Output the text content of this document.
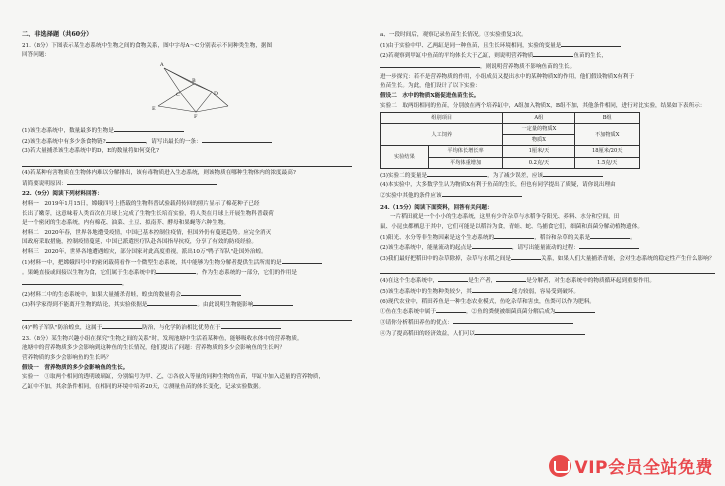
二、非选择题（共60分）
21.（8分）下图表示某生态系统中生物之间的食物关系，图中字母A～C分别表示不同种类生物，据图
回答问题：
A
B
C	D
E
F
(1)该生态系统中，数量最多的生物是
(2)该生态系统中有多少条食物链?	，请写出最长的一条：
(3)若大量捕杀该生态系统中的D，E的数量将如何变化?
(4)若某种有害物质在生物体内难以分解排出，该有毒物质进入生态系统，则该物质在哪种生物体内的浓度最高?
请简要说明原因：
22.（9分）阅读下列材料回答：
材料一　2019年1月15日，嫦娥四号上搭载的生物科普试验载荷传回的照片显示了棉花种子已经
长出了嫩芽，这意味着人类首次在月球上完成了生物生长培育实验，将人类在月球上开展生物科普载荷
是一个密闭的生态系统，内有棉花、油菜、土豆、拟南芥、酵母和果蝇等六种生物。
材料二　2020年春，世界各地遭受疫情，中国已基本控制住疫情，但国外仍有蔓延趋势。应完全消灭
国政府采取措施，控制疫情蔓延，中国已派遣医疗队赴各国指导抗疫，分享了有效的防疫经验。
材料三　2020年，世界各地遭遇蝗灾，部分国家对此高度重视，派出10万"鸭子军队"赴国外治蝗。
(1)材料一中，把嫦娥四号中的密闭载荷看作一个微型生态系统，其中能够为生物分解者提供生活所需的是
。果蝇直接或间接以生物为食，它们属于生态系统中的	，作为生态系统的一部分，它们的作用是
，
(2)材料二中的生态系统中，如果大量捕杀青蛙，蝗虫的数量将会
(3)科学家得到不能离开生物的结论，其实验依据是	。由此说明生物能影响
(4)"鸭子军队"防治蝗虫，这属于	防治，与化学防治相比优势在于
23.（8分）某生物兴趣小组在探究"生物之间的关系"时，发现池塘中生活着某种鱼，能够吸收水体中的营养物质。
池塘中的营养物质多少会影响到这种鱼的生长情况，他们提出了问题：营养物质的多少会影响鱼的生长吗？
营养物质的多少会影响鱼的生长吗？
假设一　营养物质的多少会影响鱼的生长。
实验一　①取两个相同的透明玻璃缸，分别编号为甲、乙，②各放入等量的同种生物的鱼苗，甲缸中加入适量的营养物质，
乙缸中不加，其余条件相同，在相同的环境中培养20天，②测量鱼苗的体长变化，记录实验数据。
a、一段时间后，观察记录鱼苗生长情况。③实验重复3次。
(1)由于实验中甲、乙两缸是同一种鱼苗，且生长环境相同，实验的变量是
(2)若观察到甲缸中鱼苗的平均体长大于乙缸，则说明营养物质	鱼苗的生长，
，则说明营养物质不影响鱼苗的生长。
进一步探究：若不是营养物质的作用，小组成员又提出水中的某种物质X的作用，他们假设物质X有利于
鱼苗生长。为此，他们设计了以下实验：
假设二　水中的物质X能促进鱼苗生长。
实验二　取两组相同的鱼苗，分别放在两个培养缸中，A组加入物质X，B组不加，其他条件相同，进行对比实验，结果如下表所示：
组别项目		A组	B组
人工饲养		一定量的物质X	不加物质X
		物质X	
实验结果	平均体长增长率	1厘米/天	18厘米/20天
	平均体重增加	0.2克/天	1.5克/天
(3)实验二的变量是	，为了减少误差，应该
(4)本实验中，大多数学生认为物质X有利于鱼苗的生长，但也有同学提出了质疑，请你说出理由
②实验中其他的条件应该
24.（15分）阅读下面资料，回答有关问题：
一片稻田就是一个小小的生态系统，这里有少许杂草与水稻争夺阳光、养料、水分和空间，田
鼠、小昆虫都栖息于其中，它们可能是以稻谷为食，青蛙、蛇、鸟捕食它们，细菌和真菌分解动植物遗体。
(1)阳光、水分等非生物因素是这个生态系统的	，稻谷和杂草的关系是	。
(2)该生态系统中，能量流动的起点是	，请写出能量流动的过程：
(3)我们最好把稻田中的杂草除掉，杂草与水稻之间是	关系，如果人们大量捕杀青蛙，会对生态系统的稳定性产生什么影响？
(4)在这个生态系统中，	是生产者，	是分解者，对生态系统中的物质循环起到重要作用。
(5)该生态系统中的生物种类较少，其	能力较弱，容易受到破坏。
(6)现代农业中，稻田养鱼是一种生态农业模式，鱼吃杂草和害虫，鱼粪可以作为肥料。
①鱼在生态系统中属于	，②鱼的粪便被细菌真菌分解后成为
③请你分析稻田养鱼的优点：
④为了提高稻田的经济效益，人们可以
VIP会员全站免费
